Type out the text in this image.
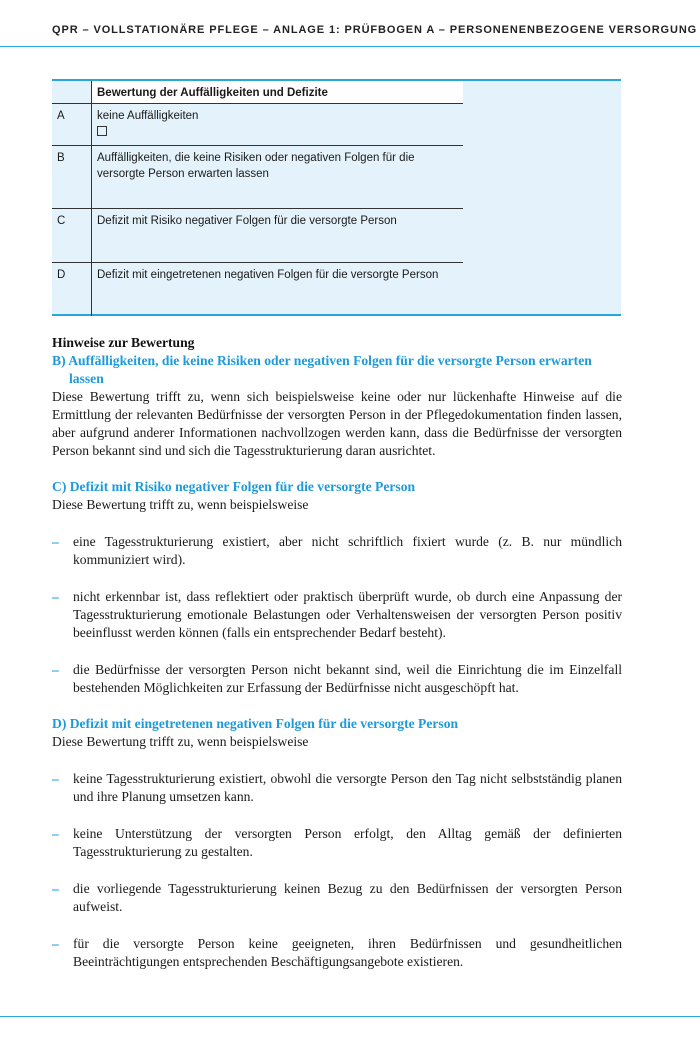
QPR – VOLLSTATIONÄRE PFLEGE – ANLAGE 1: PRÜFBOGEN A – PERSONENENBEZOGENE VERSORGUNG
	Bewertung der Auffälligkeiten und Defizite
A	keine Auffälligkeiten

B	Auffälligkeiten, die keine Risiken oder negativen Folgen für die versorgte Person erwarten lassen
C	Defizit mit Risiko negativer Folgen für die versorgte Person
D	Defizit mit eingetretenen negativen Folgen für die versorgte Person

Hinweise zur Bewertung

B) Auffälligkeiten, die keine Risiken oder negativen Folgen für die versorgte Person erwarten lassen

Diese Bewertung trifft zu, wenn sich beispielsweise keine oder nur lückenhafte Hinweise auf die Ermittlung der relevanten Bedürfnisse der versorgten Person in der Pflegedokumentation finden lassen, aber aufgrund anderer Informationen nachvollzogen werden kann, dass die Bedürfnisse der versorgten Person bekannt sind und sich die Tagesstrukturierung daran ausrichtet.

C) Defizit mit Risiko negativer Folgen für die versorgte Person

Diese Bewertung trifft zu, wenn beispielsweise

– eine Tagesstrukturierung existiert, aber nicht schriftlich fixiert wurde (z. B. nur mündlich kommuniziert wird).

– nicht erkennbar ist, dass reflektiert oder praktisch überprüft wurde, ob durch eine Anpassung der Tagesstrukturierung emotionale Belastungen oder Verhaltensweisen der versorgten Person positiv beeinflusst werden können (falls ein entsprechender Bedarf besteht).

– die Bedürfnisse der versorgten Person nicht bekannt sind, weil die Einrichtung die im Einzelfall bestehenden Möglichkeiten zur Erfassung der Bedürfnisse nicht ausgeschöpft hat.

D) Defizit mit eingetretenen negativen Folgen für die versorgte Person

Diese Bewertung trifft zu, wenn beispielsweise

– keine Tagesstrukturierung existiert, obwohl die versorgte Person den Tag nicht selbstständig planen und ihre Planung umsetzen kann.

– keine Unterstützung der versorgten Person erfolgt, den Alltag gemäß der definierten Tagesstrukturierung zu gestalten.

– die vorliegende Tagesstrukturierung keinen Bezug zu den Bedürfnissen der versorgten Person aufweist.

– für die versorgte Person keine geeigneten, ihren Bedürfnissen und gesundheitlichen Beeinträchtigungen entsprechenden Beschäftigungsangebote existieren.
